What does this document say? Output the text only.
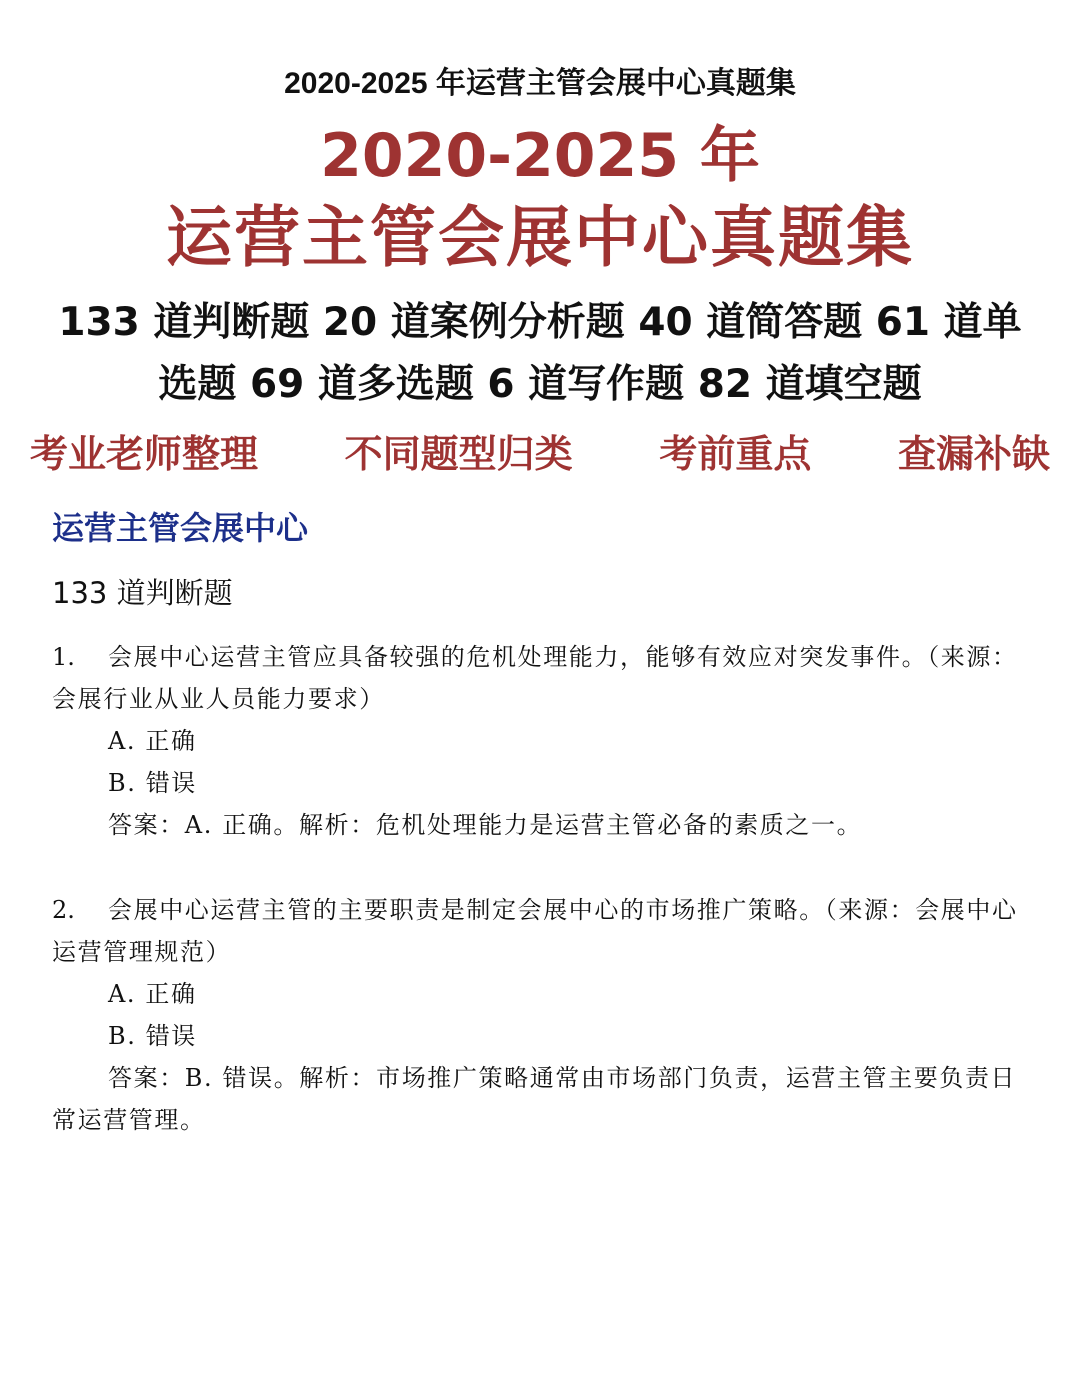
2020-2025 年运营主管会展中心真题集
2020-2025 年
运营主管会展中心真题集
133 道判断题 20 道案例分析题 40 道简答题 61 道单
选题 69 道多选题 6 道写作题 82 道填空题
考业老师整理 不同题型归类 考前重点 查漏补缺
运营主管会展中心
133 道判断题
1. 会展中心运营主管应具备较强的危机处理能力，能够有效应对突发事件。（来源：会展行业从业人员能力要求）
A. 正确
B. 错误
答案：A. 正确。解析：危机处理能力是运营主管必备的素质之一。
2. 会展中心运营主管的主要职责是制定会展中心的市场推广策略。（来源：会展中心运营管理规范）
A. 正确
B. 错误
答案：B. 错误。解析：市场推广策略通常由市场部门负责，运营主管主要负责日常运营管理。
